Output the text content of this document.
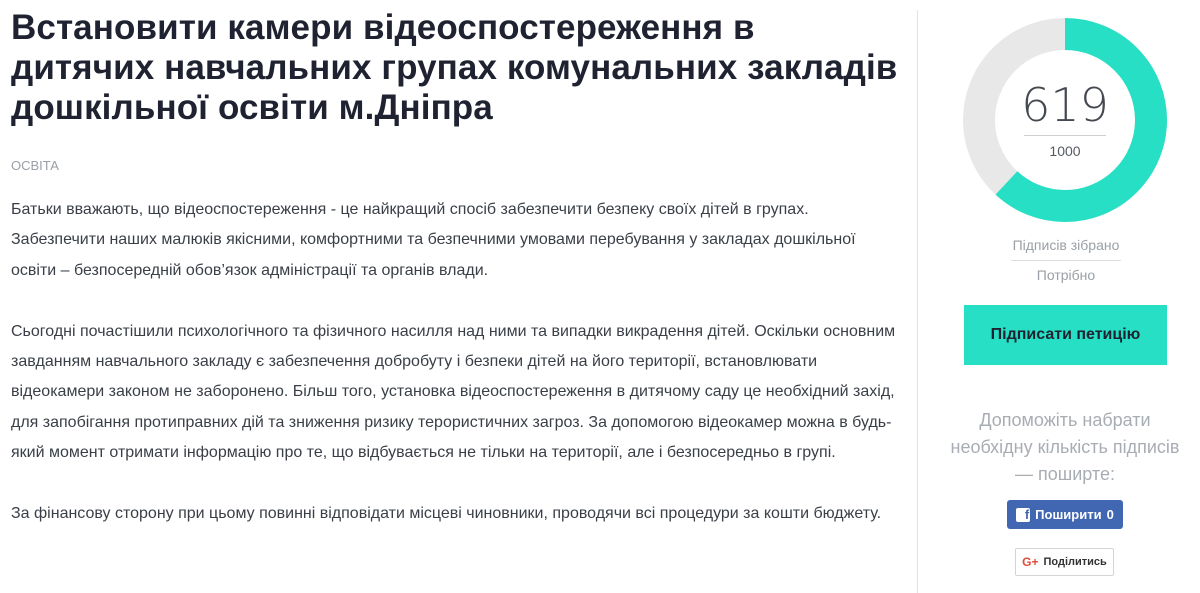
Встановити камери відеоспостереження в дитячих навчальних групах комунальних закладів дошкільної освіти м.Дніпра
ОСВІТА

Батьки вважають, що відеоспостереження - це найкращий спосіб забезпечити безпеку своїх дітей в групах. Забезпечити наших малюків якісними, комфортними та безпечними умовами перебування у закладах дошкільної освіти – безпосередній обов’язок адміністрації та органів влади.

Сьогодні почастішили психологічного та фізичного насилля над ними та випадки викрадення дітей. Оскільки основним завданням навчального закладу є забезпечення добробуту і безпеки дітей на його території, встановлювати відеокамери законом не заборонено. Більш того, установка відеоспостереження в дитячому саду це необхідний захід, для запобігання протиправних дій та зниження ризику терористичних загроз. За допомогою відеокамер можна в будь-який момент отримати інформацію про те, що відбувається не тільки на території, але і безпосередньо в групі.

За фінансову сторону при цьому повинні відповідати місцеві чиновники, проводячи всі процедури за кошти бюджету.

619
1000
Підписів зібрано
Потрібно
Підписати петицію
Допоможіть набрати необхідну кількість підписів — поширте:
f Поширити 0
G+ Поділитись
